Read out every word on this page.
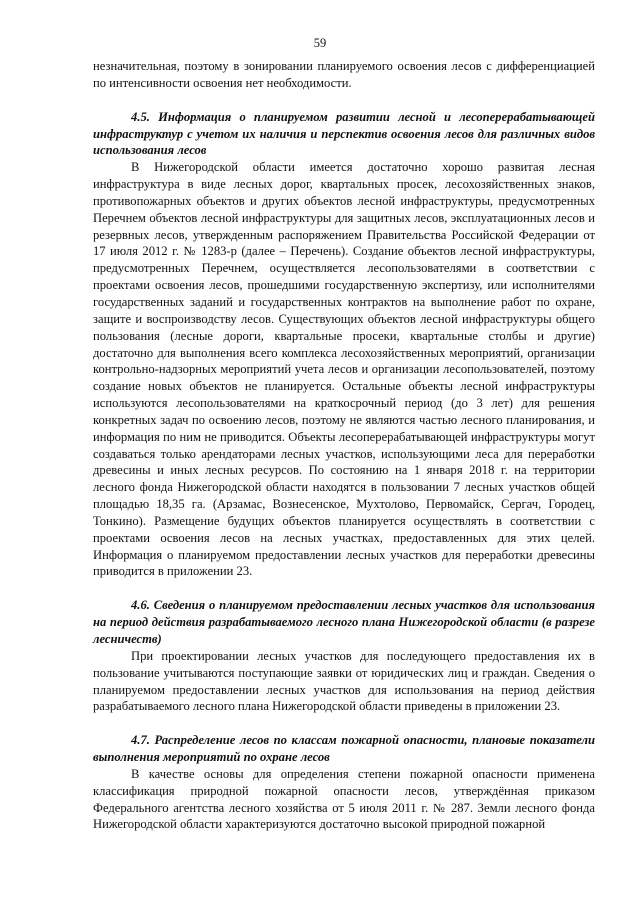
59

незначительная, поэтому в зонировании планируемого освоения лесов с дифференциацией по интенсивности освоения нет необходимости.

4.5. Информация о планируемом развитии лесной и лесоперерабатывающей инфраструктур с учетом их наличия и перспектив освоения лесов для различных видов использования лесов

В Нижегородской области имеется достаточно хорошо развитая лесная инфраструктура в виде лесных дорог, квартальных просек, лесохозяйственных знаков, противопожарных объектов и других объектов лесной инфраструктуры, предусмотренных Перечнем объектов лесной инфраструктуры для защитных лесов, эксплуатационных лесов и резервных лесов, утвержденным распоряжением Правительства Российской Федерации от 17 июля 2012 г. № 1283-р (далее – Перечень). Создание объектов лесной инфраструктуры, предусмотренных Перечнем, осуществляется лесопользователями в соответствии с проектами освоения лесов, прошедшими государственную экспертизу, или исполнителями государственных заданий и государственных контрактов на выполнение работ по охране, защите и воспроизводству лесов. Существующих объектов лесной инфраструктуры общего пользования (лесные дороги, квартальные просеки, квартальные столбы и другие) достаточно для выполнения всего комплекса лесохозяйственных мероприятий, организации контрольно-надзорных мероприятий учета лесов и организации лесопользователей, поэтому создание новых объектов не планируется. Остальные объекты лесной инфраструктуры используются лесопользователями на краткосрочный период (до 3 лет) для решения конкретных задач по освоению лесов, поэтому не являются частью лесного планирования, и информация по ним не приводится. Объекты лесоперерабатывающей инфраструктуры могут создаваться только арендаторами лесных участков, использующими леса для переработки древесины и иных лесных ресурсов. По состоянию на 1 января 2018 г. на территории лесного фонда Нижегородской области находятся в пользовании 7 лесных участков общей площадью 18,35 га. (Арзамас, Вознесенское, Мухтолово, Первомайск, Сергач, Городец, Тонкино). Размещение будущих объектов планируется осуществлять в соответствии с проектами освоения лесов на лесных участках, предоставленных для этих целей. Информация о планируемом предоставлении лесных участков для переработки древесины приводится в приложении 23.

4.6. Сведения о планируемом предоставлении лесных участков для использования на период действия разрабатываемого лесного плана Нижегородской области (в разрезе лесничеств)

При проектировании лесных участков для последующего предоставления их в пользование учитываются поступающие заявки от юридических лиц и граждан. Сведения о планируемом предоставлении лесных участков для использования на период действия разрабатываемого лесного плана Нижегородской области приведены в приложении 23.

4.7. Распределение лесов по классам пожарной опасности, плановые показатели выполнения мероприятий по охране лесов

В качестве основы для определения степени пожарной опасности применена классификация природной пожарной опасности лесов, утверждённая приказом Федерального агентства лесного хозяйства от 5 июля 2011 г. № 287. Земли лесного фонда Нижегородской области характеризуются достаточно высокой природной пожарной
